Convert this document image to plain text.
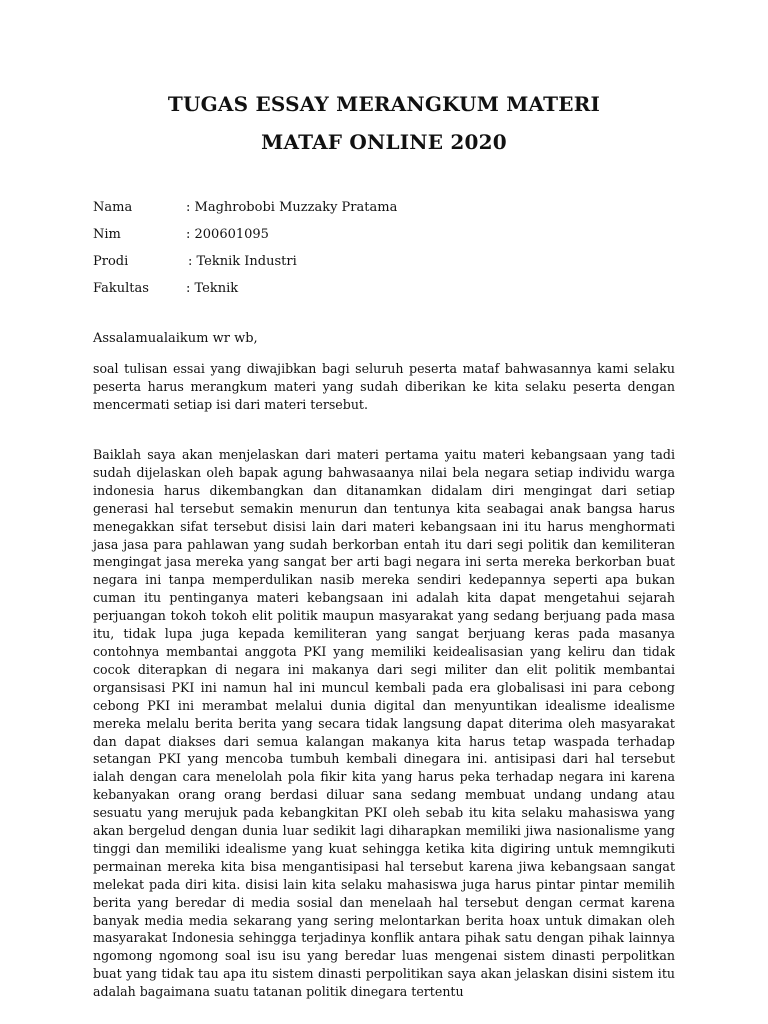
TUGAS ESSAY MERANGKUM MATERI
MATAF ONLINE 2020
Nama	: Maghrobobi Muzzaky Pratama
Nim	: 200601095
Prodi	: Teknik Industri
Fakultas	: Teknik
Assalamualaikum wr wb,
soal tulisan essai yang diwajibkan bagi seluruh peserta mataf bahwasannya kami selaku peserta harus merangkum materi yang sudah diberikan ke kita selaku peserta dengan mencermati setiap isi dari materi tersebut.
Baiklah saya akan menjelaskan dari materi pertama yaitu materi kebangsaan yang tadi sudah dijelaskan oleh bapak agung bahwasaanya nilai bela negara setiap individu warga indonesia harus dikembangkan dan ditanamkan didalam diri mengingat dari setiap generasi hal tersebut semakin menurun dan tentunya kita seabagai anak bangsa harus menegakkan sifat tersebut disisi lain dari materi kebangsaan ini itu harus menghormati jasa jasa para pahlawan yang sudah berkorban entah itu dari segi politik dan kemiliteran mengingat jasa mereka yang sangat ber arti bagi negara ini serta mereka berkorban buat negara ini tanpa memperdulikan nasib mereka sendiri kedepannya seperti apa bukan cuman itu pentinganya materi kebangsaan ini adalah kita dapat mengetahui sejarah perjuangan tokoh tokoh elit politik maupun masyarakat yang sedang berjuang pada masa itu, tidak lupa juga kepada kemiliteran yang sangat berjuang keras pada masanya contohnya membantai anggota PKI yang memiliki keidealisasian yang keliru dan tidak cocok diterapkan di negara ini makanya dari segi militer dan elit politik membantai organsisasi PKI ini namun hal ini muncul kembali pada era globalisasi ini para cebong cebong PKI ini merambat melalui dunia digital dan menyuntikan idealisme idealisme mereka melalu berita berita yang secara tidak langsung dapat diterima oleh masyarakat dan dapat diakses dari semua kalangan makanya kita harus tetap waspada terhadap setangan PKI yang mencoba tumbuh kembali dinegara ini. antisipasi dari hal tersebut ialah dengan cara menelolah pola fikir kita yang harus peka terhadap negara ini karena kebanyakan orang orang berdasi diluar sana sedang membuat undang undang atau sesuatu yang merujuk pada kebangkitan PKI oleh sebab itu kita selaku mahasiswa yang akan bergelud dengan dunia luar sedikit lagi diharapkan memiliki jiwa nasionalisme yang tinggi dan memiliki idealisme yang kuat sehingga ketika kita digiring untuk memngikuti permainan mereka kita bisa mengantisipasi hal tersebut karena jiwa kebangsaan sangat melekat pada diri kita. disisi lain kita selaku mahasiswa juga harus pintar pintar memilih berita yang beredar di media sosial dan menelaah hal tersebut dengan cermat karena banyak media media sekarang yang sering melontarkan berita hoax untuk dimakan oleh masyarakat Indonesia sehingga terjadinya konflik antara pihak satu dengan pihak lainnya ngomong ngomong soal isu isu yang beredar luas mengenai sistem dinasti perpolitkan buat yang tidak tau apa itu sistem dinasti perpolitikan saya akan jelaskan disini sistem itu adalah bagaimana suatu tatanan politik dinegara tertentu
